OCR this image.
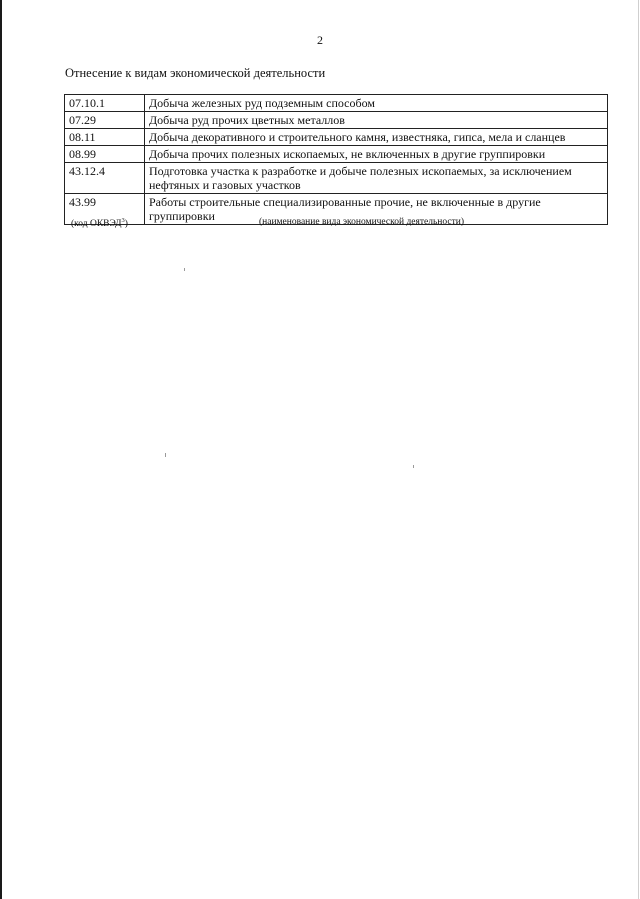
2
Отнесение к видам экономической деятельности
07.10.1	Добыча железных руд подземным способом
07.29	Добыча руд прочих цветных металлов
08.11	Добыча декоративного и строительного камня, известняка, гипса, мела и сланцев
08.99	Добыча прочих полезных ископаемых, не включенных в другие группировки
43.12.4	Подготовка участка к разработке и добыче полезных ископаемых, за исключением нефтяных и газовых участков
43.99	Работы строительные специализированные прочие, не включенные в другие группировки
(код ОКВЭД$^3$)	(наименование вида экономической деятельности)
